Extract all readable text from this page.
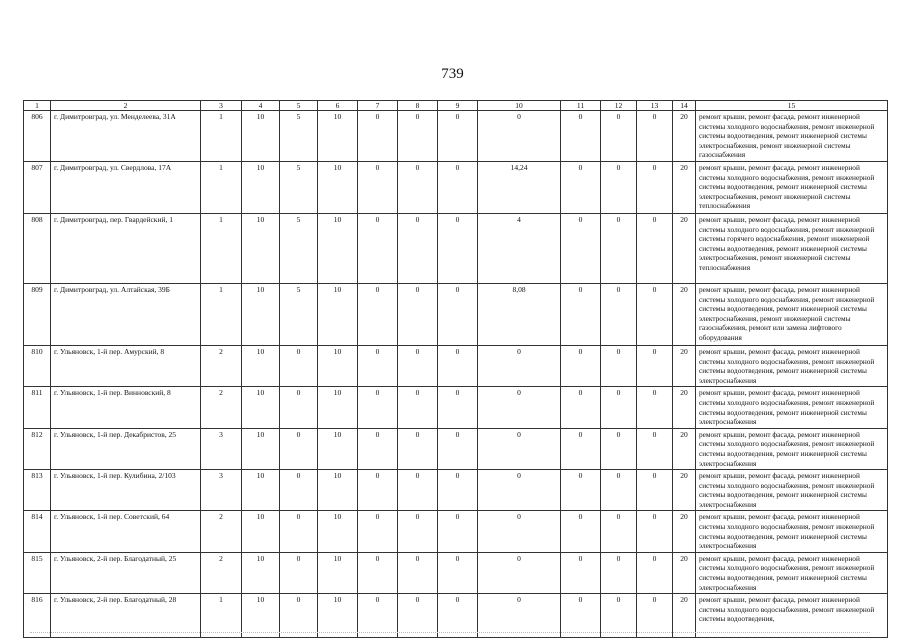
739
1	2	3	4	5	6	7	8	9	10	11	12	13	14	15
806	г. Димитровград, ул. Менделеева, 31А	1	10	5	10	0	0	0	0	0	0	0	20	ремонт крыши, ремонт фасада, ремонт инженерной системы холодного водоснабжения, ремонт инженерной системы водоотведения, ремонт инженерной системы электроснабжения, ремонт инженерной системы газоснабжения
807	г. Димитровград, ул. Свердлова, 17А	1	10	5	10	0	0	0	14,24	0	0	0	20	ремонт крыши, ремонт фасада, ремонт инженерной системы холодного водоснабжения, ремонт инженерной системы водоотведения, ремонт инженерной системы электроснабжения, ремонт инженерной системы теплоснабжения
808	г. Димитровград, пер. Гвардейский, 1	1	10	5	10	0	0	0	4	0	0	0	20	ремонт крыши, ремонт фасада, ремонт инженерной системы холодного водоснабжения, ремонт инженерной системы горячего водоснабжения, ремонт инженерной системы водоотведения, ремонт инженерной системы электроснабжения, ремонт инженерной системы теплоснабжения
809	г. Димитровград, ул. Алтайская, 39Б	1	10	5	10	0	0	0	8,08	0	0	0	20	ремонт крыши, ремонт фасада, ремонт инженерной системы холодного водоснабжения, ремонт инженерной системы водоотведения, ремонт инженерной системы электроснабжения, ремонт инженерной системы газоснабжения, ремонт или замена лифтового оборудования
810	г. Ульяновск, 1-й пер. Амурский, 8	2	10	0	10	0	0	0	0	0	0	0	20	ремонт крыши, ремонт фасада, ремонт инженерной системы холодного водоснабжения, ремонт инженерной системы водоотведения, ремонт инженерной системы электроснабжения
811	г. Ульяновск, 1-й пер. Винновский, 8	2	10	0	10	0	0	0	0	0	0	0	20	ремонт крыши, ремонт фасада, ремонт инженерной системы холодного водоснабжения, ремонт инженерной системы водоотведения, ремонт инженерной системы электроснабжения
812	г. Ульяновск, 1-й пер. Декабристов, 25	3	10	0	10	0	0	0	0	0	0	0	20	ремонт крыши, ремонт фасада, ремонт инженерной системы холодного водоснабжения, ремонт инженерной системы водоотведения, ремонт инженерной системы электроснабжения
813	г. Ульяновск, 1-й пер. Кулибина, 2/103	3	10	0	10	0	0	0	0	0	0	0	20	ремонт крыши, ремонт фасада, ремонт инженерной системы холодного водоснабжения, ремонт инженерной системы водоотведения, ремонт инженерной системы электроснабжения
814	г. Ульяновск, 1-й пер. Советский, 64	2	10	0	10	0	0	0	0	0	0	0	20	ремонт крыши, ремонт фасада, ремонт инженерной системы холодного водоснабжения, ремонт инженерной системы водоотведения, ремонт инженерной системы электроснабжения
815	г. Ульяновск, 2-й пер. Благодатный, 25	2	10	0	10	0	0	0	0	0	0	0	20	ремонт крыши, ремонт фасада, ремонт инженерной системы холодного водоснабжения, ремонт инженерной системы водоотведения, ремонт инженерной системы электроснабжения
816	г. Ульяновск, 2-й пер. Благодатный, 28	1	10	0	10	0	0	0	0	0	0	0	20	ремонт крыши, ремонт фасада, ремонт инженерной системы холодного водоснабжения, ремонт инженерной системы водоотведения,
